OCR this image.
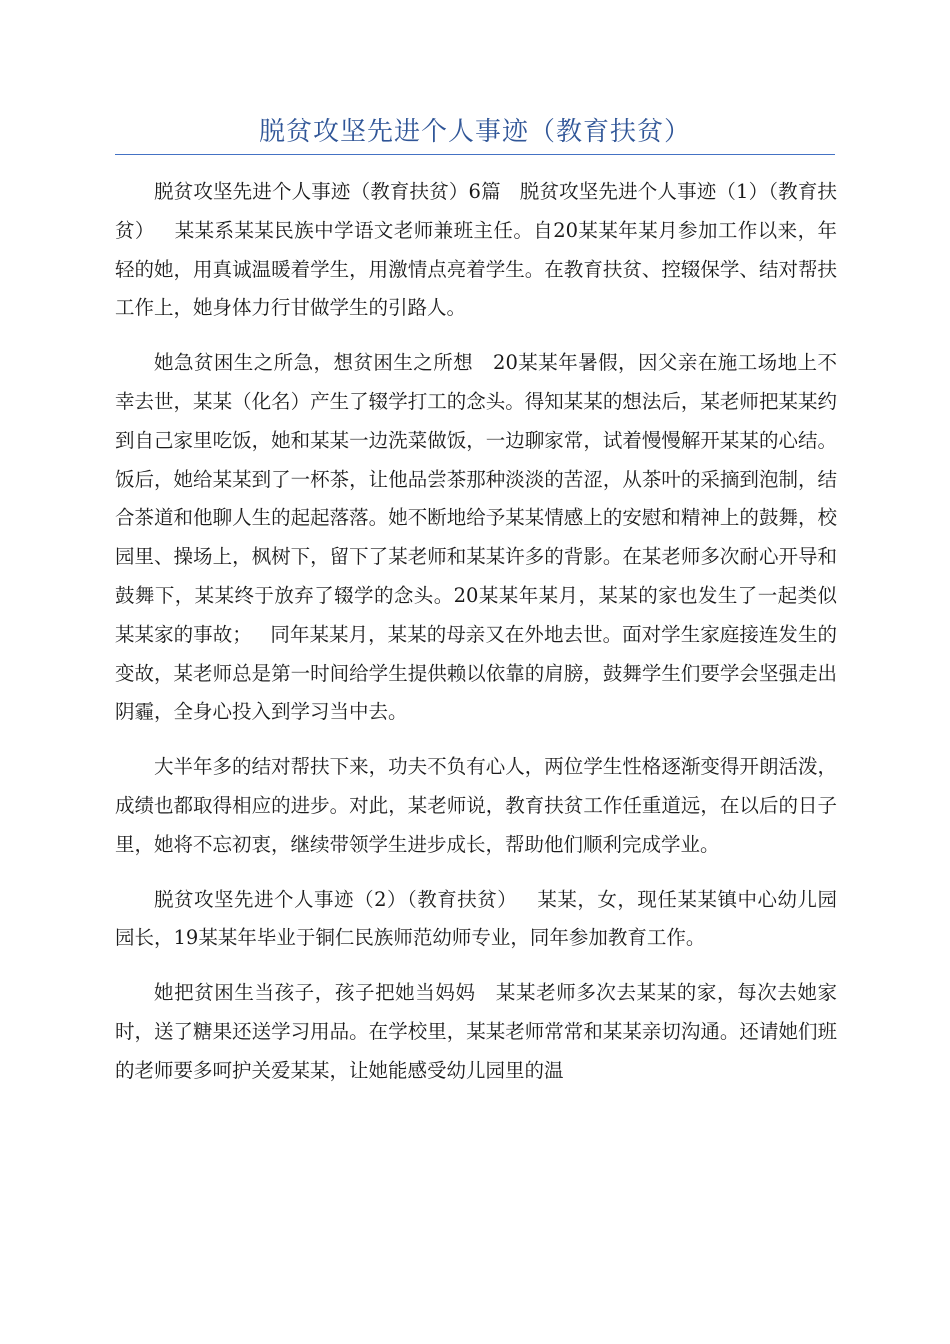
脱贫攻坚先进个人事迹（教育扶贫）

脱贫攻坚先进个人事迹（教育扶贫）6篇   脱贫攻坚先进个人事迹（1）（教育扶贫）   某某系某某民族中学语文老师兼班主任。自20某某年某月参加工作以来，年轻的她，用真诚温暖着学生，用激情点亮着学生。在教育扶贫、控辍保学、结对帮扶工作上，她身体力行甘做学生的引路人。

她急贫困生之所急，想贫困生之所想   20某某年暑假，因父亲在施工场地上不幸去世，某某（化名）产生了辍学打工的念头。得知某某的想法后，某老师把某某约到自己家里吃饭，她和某某一边洗菜做饭，一边聊家常，试着慢慢解开某某的心结。饭后，她给某某到了一杯茶，让他品尝茶那种淡淡的苦涩，从茶叶的采摘到泡制，结合茶道和他聊人生的起起落落。她不断地给予某某情感上的安慰和精神上的鼓舞，校园里、操场上，枫树下，留下了某老师和某某许多的背影。在某老师多次耐心开导和鼓舞下，某某终于放弃了辍学的念头。20某某年某月，某某的家也发生了一起类似某某家的事故；   同年某某月，某某的母亲又在外地去世。面对学生家庭接连发生的变故，某老师总是第一时间给学生提供赖以依靠的肩膀，鼓舞学生们要学会坚强走出阴霾，全身心投入到学习当中去。

大半年多的结对帮扶下来，功夫不负有心人，两位学生性格逐渐变得开朗活泼，成绩也都取得相应的进步。对此，某老师说，教育扶贫工作任重道远，在以后的日子里，她将不忘初衷，继续带领学生进步成长，帮助他们顺利完成学业。

脱贫攻坚先进个人事迹（2）（教育扶贫）   某某，女，现任某某镇中心幼儿园园长，19某某年毕业于铜仁民族师范幼师专业，同年参加教育工作。

她把贫困生当孩子，孩子把她当妈妈   某某老师多次去某某的家，每次去她家时，送了糖果还送学习用品。在学校里，某某老师常常和某某亲切沟通。还请她们班的老师要多呵护关爱某某，让她能感受幼儿园里的温
